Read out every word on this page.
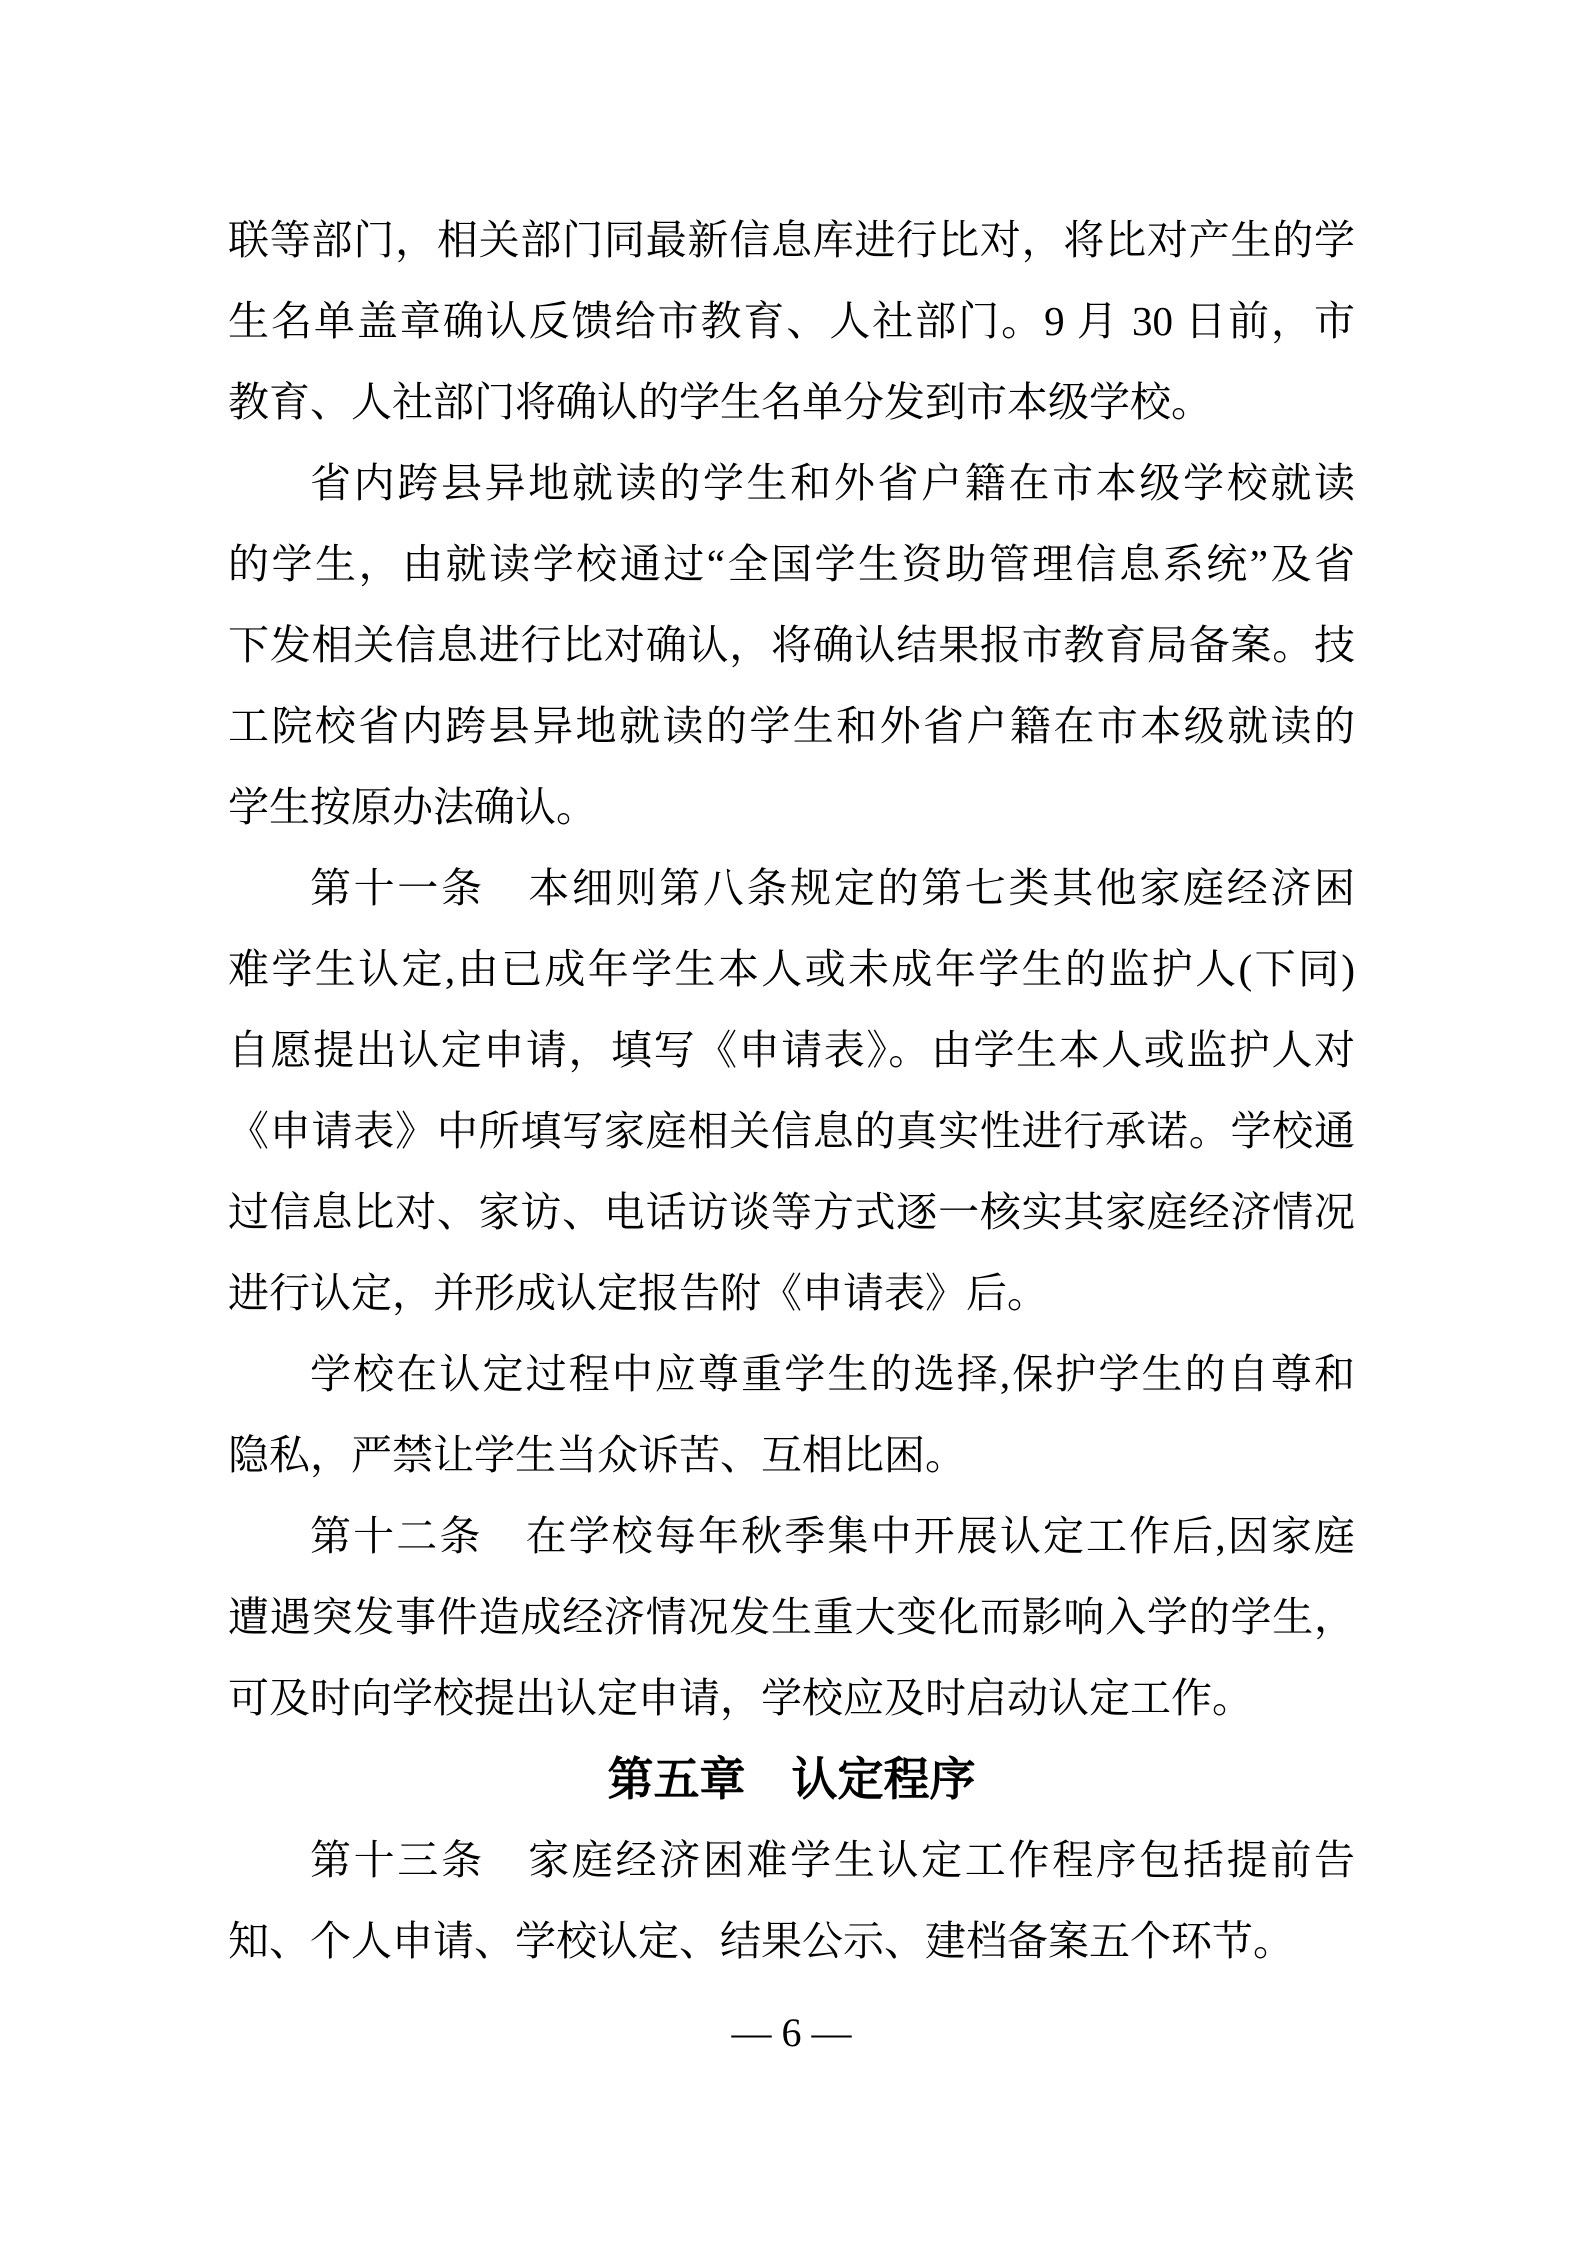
联等部门，相关部门同最新信息库进行比对，将比对产生的学
生名单盖章确认反馈给市教育、人社部门。9 月 30 日前，市
教育、人社部门将确认的学生名单分发到市本级学校。
省内跨县异地就读的学生和外省户籍在市本级学校就读
的学生，由就读学校通过“全国学生资助管理信息系统”及省
下发相关信息进行比对确认，将确认结果报市教育局备案。技
工院校省内跨县异地就读的学生和外省户籍在市本级就读的
学生按原办法确认。
第十一条　本细则第八条规定的第七类其他家庭经济困
难学生认定,由已成年学生本人或未成年学生的监护人(下同)
自愿提出认定申请，填写《申请表》。由学生本人或监护人对
《申请表》中所填写家庭相关信息的真实性进行承诺。学校通
过信息比对、家访、电话访谈等方式逐一核实其家庭经济情况
进行认定，并形成认定报告附《申请表》后。
学校在认定过程中应尊重学生的选择,保护学生的自尊和
隐私，严禁让学生当众诉苦、互相比困。
第十二条　在学校每年秋季集中开展认定工作后,因家庭
遭遇突发事件造成经济情况发生重大变化而影响入学的学生，
可及时向学校提出认定申请，学校应及时启动认定工作。
第五章　认定程序
第十三条　家庭经济困难学生认定工作程序包括提前告
知、个人申请、学校认定、结果公示、建档备案五个环节。
— 6 —
